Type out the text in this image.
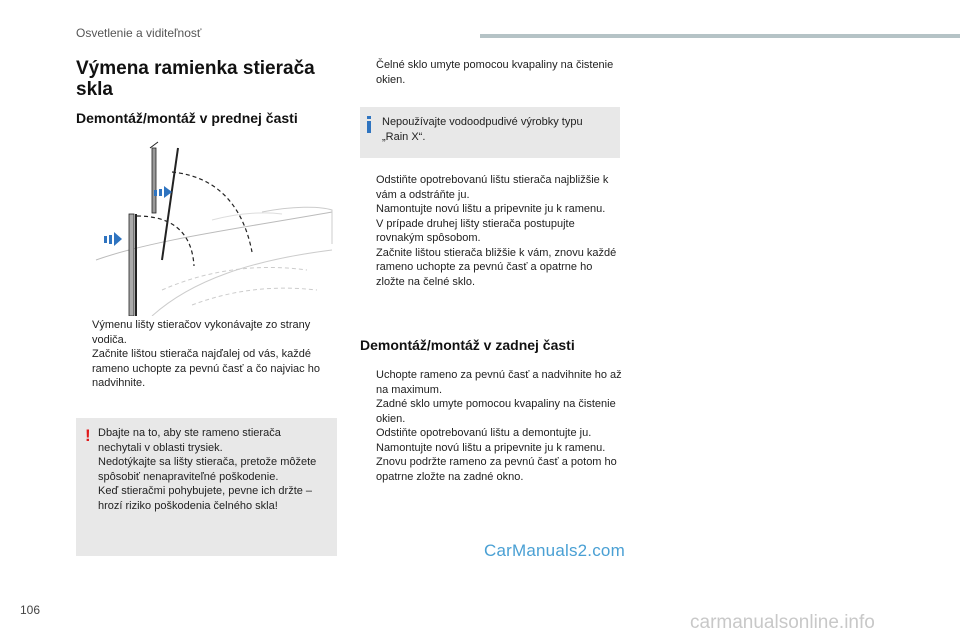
Osvetlenie a viditeľnosť
Výmena ramienka stierača skla
Demontáž/montáž v prednej časti
Výmenu lišty stieračov vykonávajte zo strany vodiča.
Začnite lištou stierača najďalej od vás, každé rameno uchopte za pevnú časť a čo najviac ho nadvihnite.
! Dbajte na to, aby ste rameno stierača nechytali v oblasti trysiek.
Nedotýkajte sa lišty stierača, pretože môžete spôsobiť nenapraviteľné poškodenie.
Keď stieračmi pohybujete, pevne ich držte – hrozí riziko poškodenia čelného skla!
Čelné sklo umyte pomocou kvapaliny na čistenie okien.
Nepoužívajte vodoodpudivé výrobky typu „Rain X“.
Odstiňte opotrebovanú lištu stierača najbližšie k vám a odstráňte ju.
Namontujte novú lištu a pripevnite ju k ramenu.
V prípade druhej lišty stierača postupujte rovnakým spôsobom.
Začnite lištou stierača bližšie k vám, znovu každé rameno uchopte za pevnú časť a opatrne ho zložte na čelné sklo.
Demontáž/montáž v zadnej časti
Uchopte rameno za pevnú časť a nadvihnite ho až na maximum.
Zadné sklo umyte pomocou kvapaliny na čistenie okien.
Odstiňte opotrebovanú lištu a demontujte ju.
Namontujte novú lištu a pripevnite ju k ramenu.
Znovu podržte rameno za pevnú časť a potom ho opatrne zložte na zadné okno.
CarManuals2.com
106
carmanualsonline.info
